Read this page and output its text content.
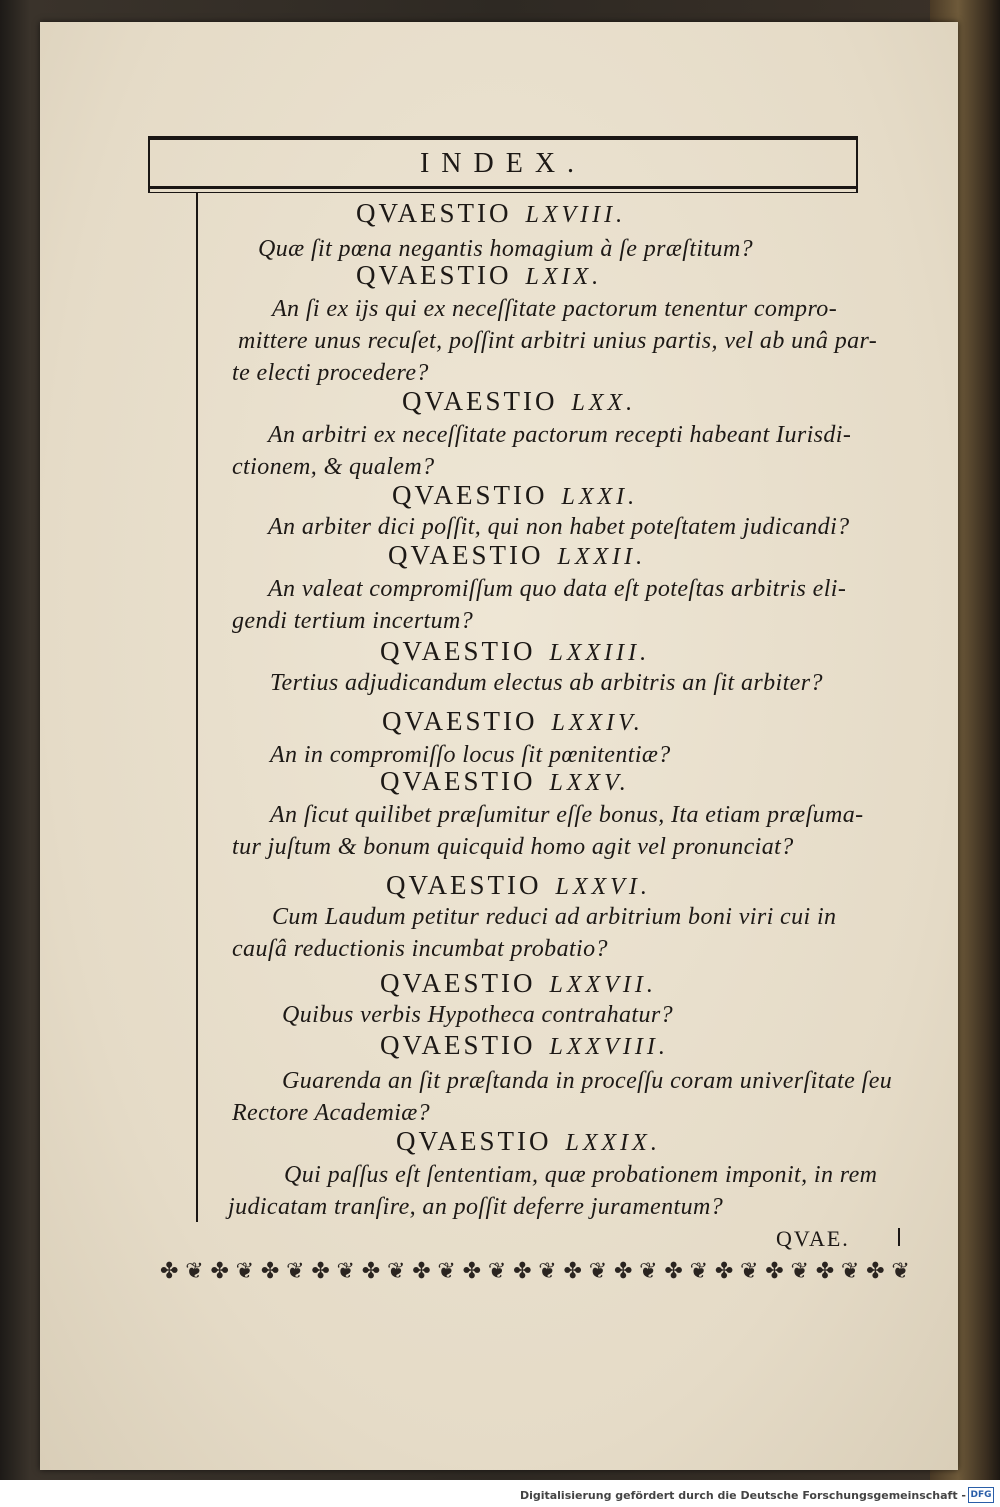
INDEX.
QVAESTIO LXVIII.
Quæ ſit pœna negantis homagium à ſe præſtitum?
QVAESTIO LXIX.
An ſi ex ijs qui ex neceſſitate pactorum tenentur compro-
mittere unus recuſet, poſſint arbitri unius partis, vel ab unâ par-
te electi procedere?
QVAESTIO LXX.
An arbitri ex neceſſitate pactorum recepti habeant Iurisdi-
ctionem, & qualem?
QVAESTIO LXXI.
An arbiter dici poſſit, qui non habet poteſtatem judicandi?
QVAESTIO LXXII.
An valeat compromiſſum quo data eſt poteſtas arbitris eli-
gendi tertium incertum?
QVAESTIO LXXIII.
Tertius adjudicandum electus ab arbitris an ſit arbiter?
QVAESTIO LXXIV.
An in compromiſſo locus ſit pœnitentiæ?
QVAESTIO LXXV.
An ſicut quilibet præſumitur eſſe bonus, Ita etiam præſuma-
tur juſtum & bonum quicquid homo agit vel pronunciat?
QVAESTIO LXXVI.
Cum Laudum petitur reduci ad arbitrium boni viri cui in
cauſâ reductionis incumbat probatio?
QVAESTIO LXXVII.
Quibus verbis Hypotheca contrahatur?
QVAESTIO LXXVIII.
Guarenda an ſit præſtanda in proceſſu coram univerſitate ſeu
Rectore Academiæ?
QVAESTIO LXXIX.
Qui paſſus eſt ſententiam, quæ probationem imponit, in rem
judicatam tranſire, an poſſit deferre juramentum?
QVAE.
✤ ❦ ✤ ❦ ✤ ❦ ✤ ❦ ✤ ❦ ✤ ❦ ✤ ❦ ✤ ❦ ✤ ❦ ✤ ❦ ✤ ❦ ✤ ❦ ✤ ❦ ✤ ❦ ✤ ❦
Digitalisierung gefördert durch die Deutsche Forschungsgemeinschaft - DFG
